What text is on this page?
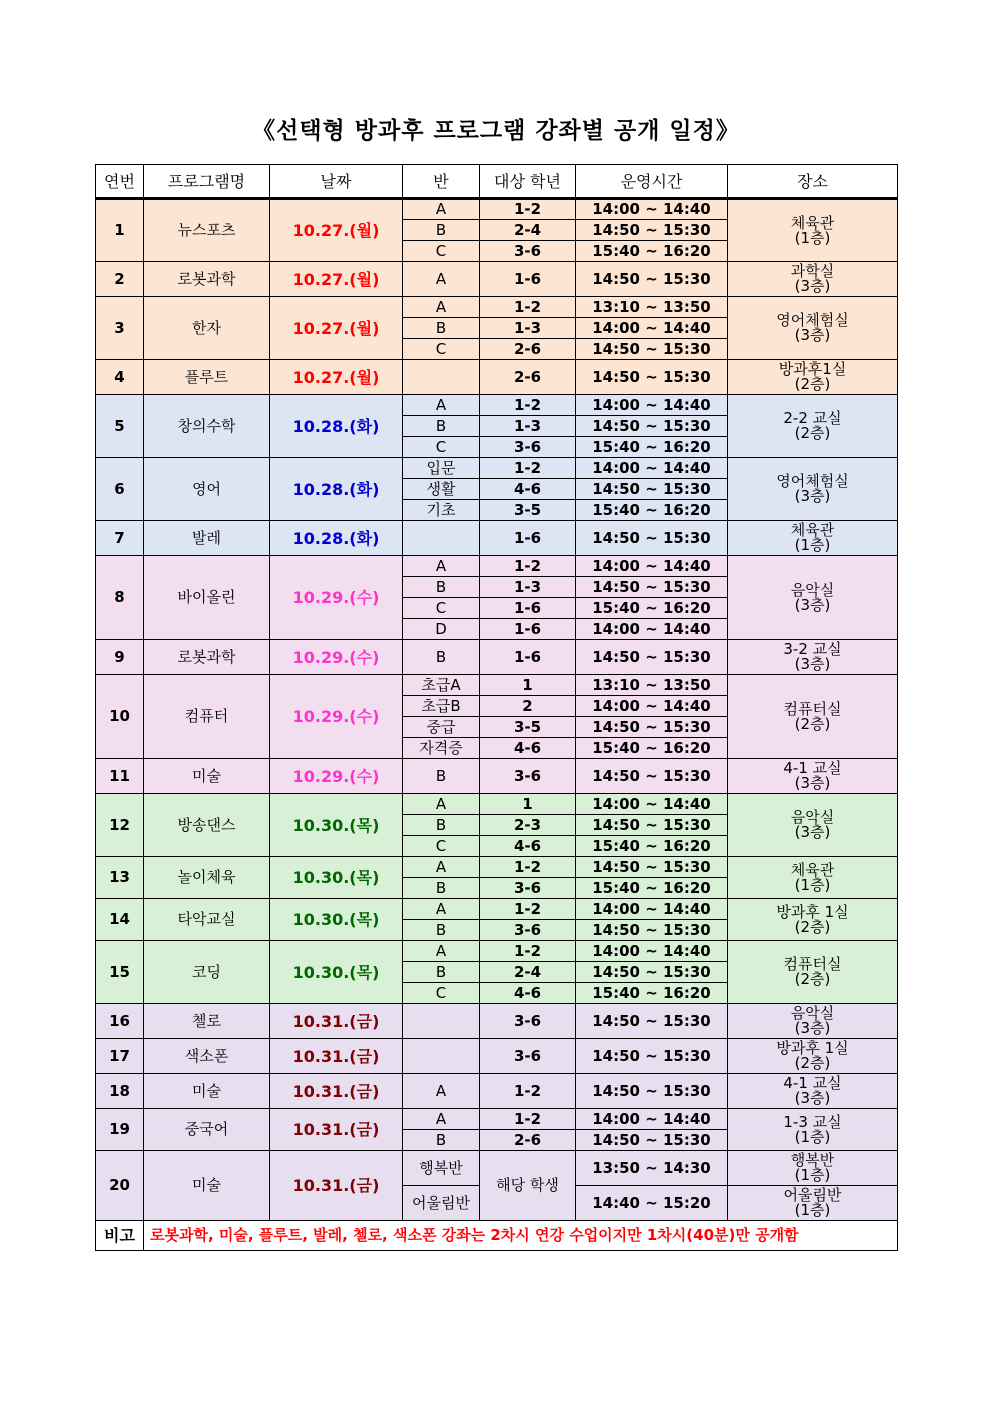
《선택형 방과후 프로그램 강좌별 공개 일정》
연번	프로그램명	날짜	반	대상 학년	운영시간	장소
1	뉴스포츠	10.27.(월)	A	1-2	14:00 ~ 14:40	체육관
(1층)

			B	2-4	14:50 ~ 15:30	
			C	3-6	15:40 ~ 16:20	
2	로봇과학	10.27.(월)	A	1-6	14:50 ~ 15:30	과학실
(3층)

3	한자	10.27.(월)	A	1-2	13:10 ~ 13:50	영어체험실
(3층)

			B	1-3	14:00 ~ 14:40	
			C	2-6	14:50 ~ 15:30	
4	플루트	10.27.(월)		2-6	14:50 ~ 15:30	방과후1실
(2층)

5	창의수학	10.28.(화)	A	1-2	14:00 ~ 14:40	2-2 교실
(2층)

			B	1-3	14:50 ~ 15:30	
			C	3-6	15:40 ~ 16:20	
6	영어	10.28.(화)	입문	1-2	14:00 ~ 14:40	영어체험실
(3층)

			생활	4-6	14:50 ~ 15:30	
			기초	3-5	15:40 ~ 16:20	
7	발레	10.28.(화)		1-6	14:50 ~ 15:30	체육관
(1층)

8	바이올린	10.29.(수)	A	1-2	14:00 ~ 14:40	음악실
(3층)

			B	1-3	14:50 ~ 15:30	
			C	1-6	15:40 ~ 16:20	
			D	1-6	14:00 ~ 14:40	
9	로봇과학	10.29.(수)	B	1-6	14:50 ~ 15:30	3-2 교실
(3층)

10	컴퓨터	10.29.(수)	초급A	1	13:10 ~ 13:50	컴퓨터실
(2층)

			초급B	2	14:00 ~ 14:40	
			중급	3-5	14:50 ~ 15:30	
			자격증	4-6	15:40 ~ 16:20	
11	미술	10.29.(수)	B	3-6	14:50 ~ 15:30	4-1 교실
(3층)

12	방송댄스	10.30.(목)	A	1	14:00 ~ 14:40	음악실
(3층)

			B	2-3	14:50 ~ 15:30	
			C	4-6	15:40 ~ 16:20	
13	놀이체육	10.30.(목)	A	1-2	14:50 ~ 15:30	체육관
(1층)

			B	3-6	15:40 ~ 16:20	
14	타악교실	10.30.(목)	A	1-2	14:00 ~ 14:40	방과후 1실
(2층)

			B	3-6	14:50 ~ 15:30	
15	코딩	10.30.(목)	A	1-2	14:00 ~ 14:40	컴퓨터실
(2층)

			B	2-4	14:50 ~ 15:30	
			C	4-6	15:40 ~ 16:20	
16	첼로	10.31.(금)		3-6	14:50 ~ 15:30	음악실
(3층)

17	색소폰	10.31.(금)		3-6	14:50 ~ 15:30	방과후 1실
(2층)

18	미술	10.31.(금)	A	1-2	14:50 ~ 15:30	4-1 교실
(3층)

19	중국어	10.31.(금)	A	1-2	14:00 ~ 14:40	1-3 교실
(1층)

			B	2-6	14:50 ~ 15:30	
20	미술	10.31.(금)	행복반	해당 학생	13:50 ~ 14:30	행복반
(1층)

			어울림반		14:40 ~ 15:20	어울림반
(1층)

비고	로봇과학, 미술, 플루트, 발레, 첼로, 색소폰 강좌는 2차시 연강 수업이지만 1차시(40분)만 공개함					
